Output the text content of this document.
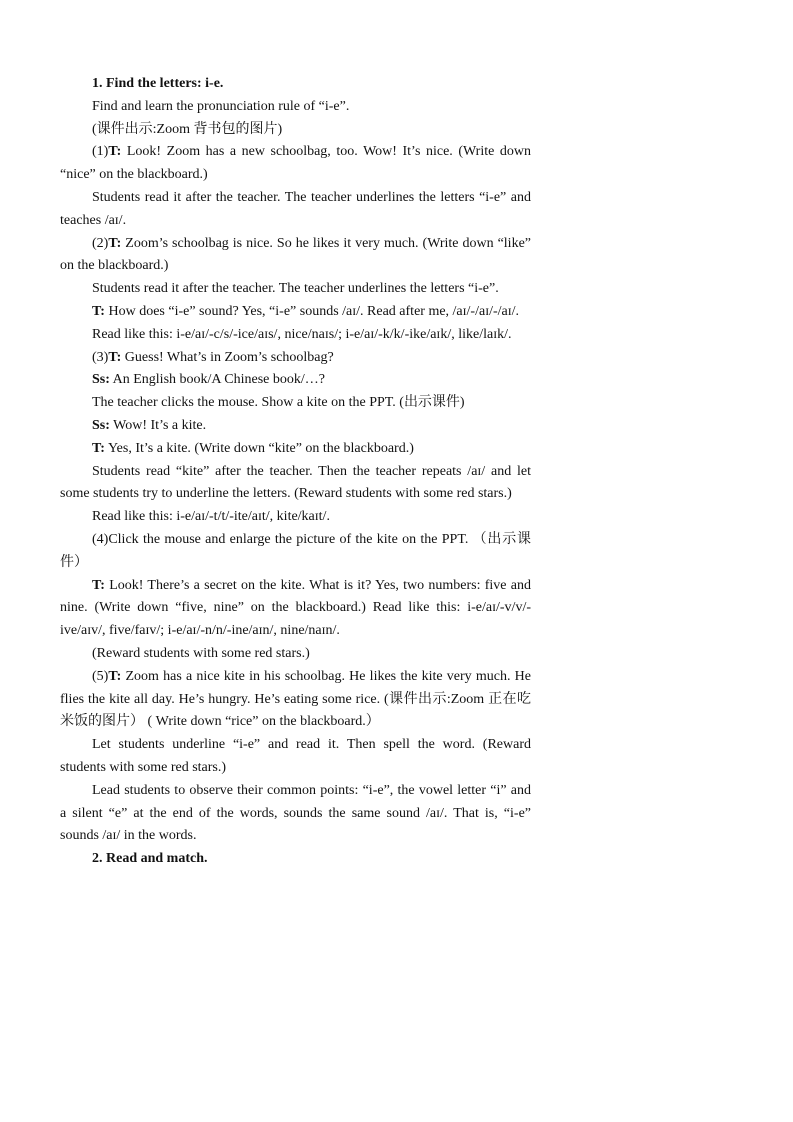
1. Find the letters: i-e.

Find and learn the pronunciation rule of “i-e”.

(课件出示:Zoom 背书包的图片)

(1)T: Look! Zoom has a new schoolbag, too. Wow! It’s nice. (Write down “nice” on the blackboard.)

Students read it after the teacher. The teacher underlines the letters “i-e” and teaches /aɪ/.

(2)T: Zoom’s schoolbag is nice. So he likes it very much. (Write down “like” on the blackboard.)

Students read it after the teacher. The teacher underlines the letters “i-e”.

T: How does “i-e” sound? Yes, “i-e” sounds /aɪ/. Read after me, /aɪ/-/aɪ/-/aɪ/.

Read like this: i-e/aɪ/-c/s/-ice/aɪs/, nice/naɪs/; i-e/aɪ/-k/k/-ike/aɪk/, like/laɪk/.

(3)T: Guess! What’s in Zoom’s schoolbag?

Ss: An English book/A Chinese book/…?

The teacher clicks the mouse. Show a kite on the PPT. (出示课件)

Ss: Wow! It’s a kite.

T: Yes, It’s a kite. (Write down “kite” on the blackboard.)

Students read “kite” after the teacher. Then the teacher repeats /aɪ/ and let some students try to underline the letters. (Reward students with some red stars.)

Read like this: i-e/aɪ/-t/t/-ite/aɪt/, kite/kaɪt/.

(4)Click the mouse and enlarge the picture of the kite on the PPT. （出示课件）

T: Look! There’s a secret on the kite. What is it? Yes, two numbers: five and nine. (Write down “five, nine” on the blackboard.) Read like this: i-e/aɪ/-v/v/-ive/aɪv/, five/faɪv/; i-e/aɪ/-n/n/-ine/aɪn/, nine/naɪn/.

(Reward students with some red stars.)

(5)T: Zoom has a nice kite in his schoolbag. He likes the kite very much. He flies the kite all day. He’s hungry. He’s eating some rice. (课件出示:Zoom 正在吃米饭的图片） ( Write down “rice” on the blackboard.）

Let students underline “i-e” and read it. Then spell the word. (Reward students with some red stars.)

Lead students to observe their common points: “i-e”, the vowel letter “i” and a silent “e” at the end of the words, sounds the same sound /aɪ/. That is, “i-e” sounds /aɪ/ in the words.

2. Read and match.
